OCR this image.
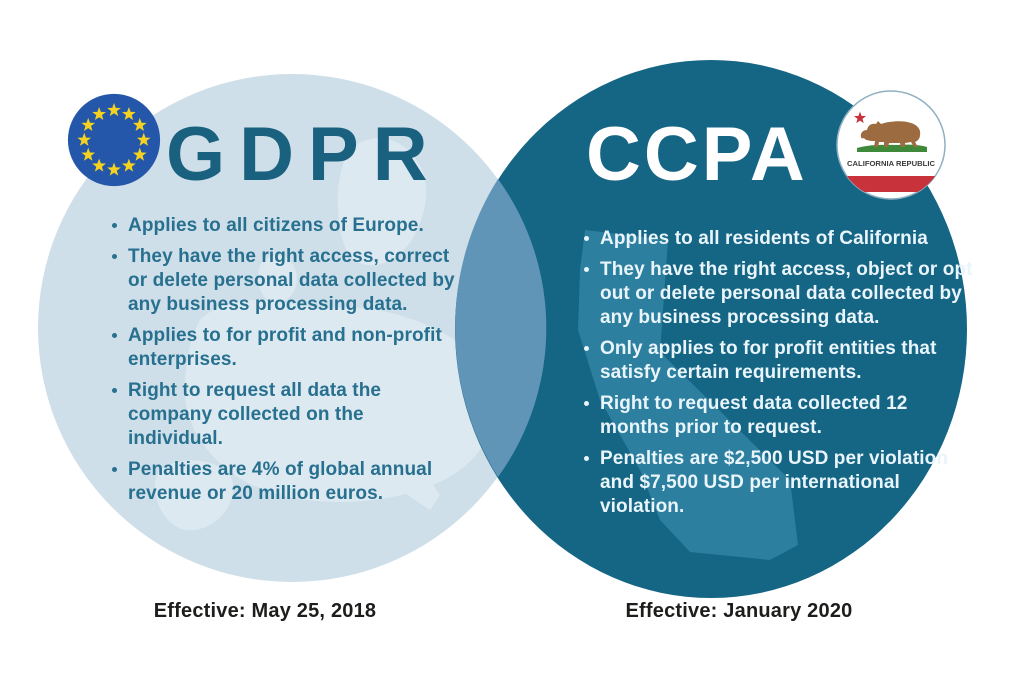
CALIFORNIA REPUBLIC
GDPR CCPA
Applies to all citizens of Europe.
They have the right access, correct or delete personal data collected by any business processing data.
Applies to for profit and non-profit enterprises.
Right to request all data the company collected on the individual.
Penalties are 4% of global annual revenue or 20 million euros.
Applies to all residents of California
They have the right access, object or opt out or delete personal data collected by any business processing data.
Only applies to for profit entities that satisfy certain requirements.
Right to request data collected 12 months prior to request.
Penalties are $2,500 USD per violation and $7,500 USD per international violation.
Effective: May 25, 2018	Effective: January 2020
